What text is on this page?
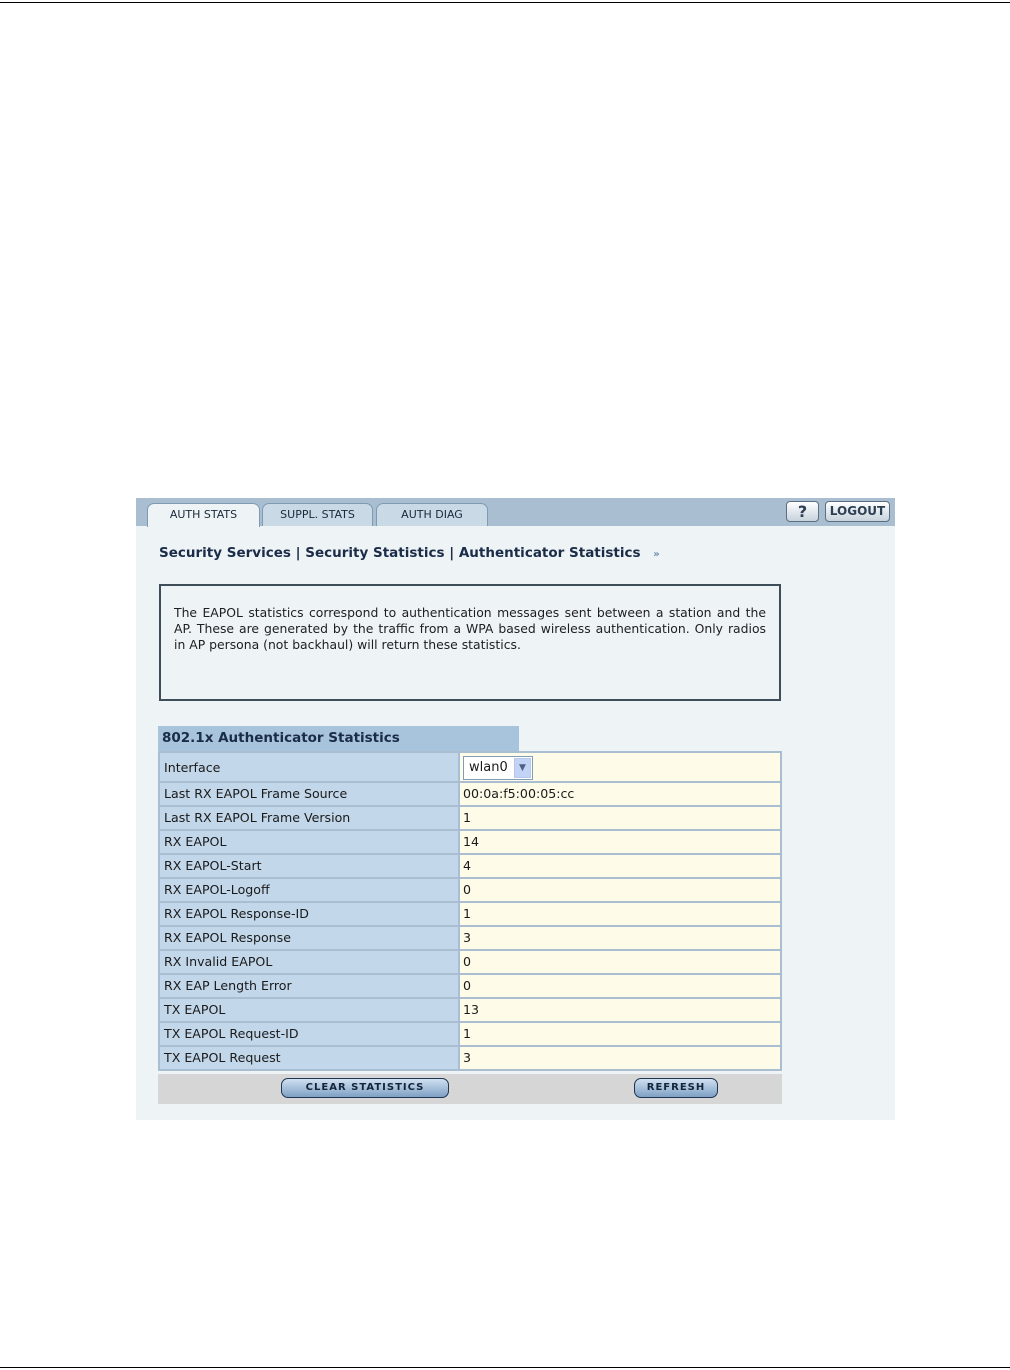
AUTH STATS	SUPPL. STATS	AUTH DIAG	?	LOGOUT
Security Services | Security Statistics | Authenticator Statistics »

The EAPOL statistics correspond to authentication messages sent between a station and the AP. These are generated by the traffic from a WPA based wireless authentication. Only radios in AP persona (not backhaul) will return these statistics.

802.1x Authenticator Statistics
Interface	wlan0	▼
Last RX EAPOL Frame Source	00:0a:f5:00:05:cc
Last RX EAPOL Frame Version	1
RX EAPOL	14
RX EAPOL-Start	4
RX EAPOL-Logoff	0
RX EAPOL Response-ID	1
RX EAPOL Response	3
RX Invalid EAPOL	0
RX EAP Length Error	0
TX EAPOL	13
TX EAPOL Request-ID	1
TX EAPOL Request	3
CLEAR STATISTICS	REFRESH
